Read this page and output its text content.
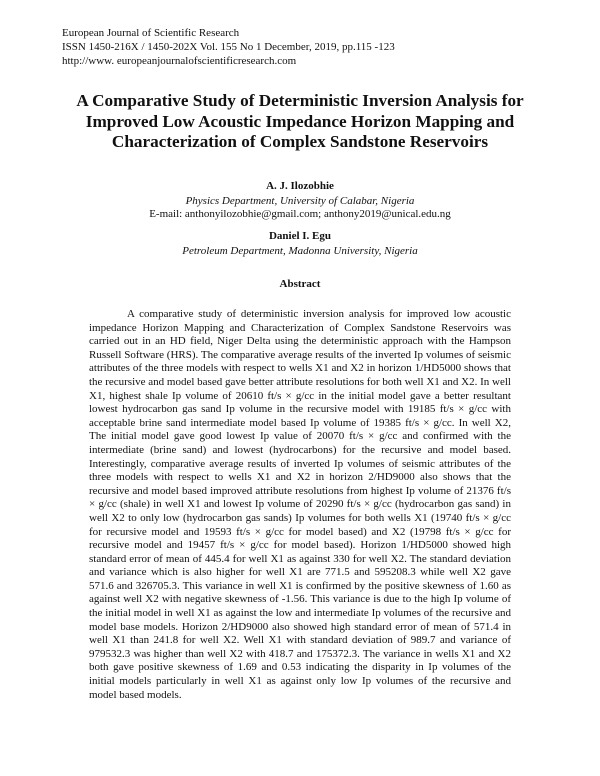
European Journal of Scientific Research
ISSN 1450-216X / 1450-202X Vol. 155 No 1 December, 2019, pp.115 -123
http://www. europeanjournalofscientificresearch.com
A Comparative Study of Deterministic Inversion Analysis for Improved Low Acoustic Impedance Horizon Mapping and Characterization of Complex Sandstone Reservoirs
A. J. Ilozobhie
Physics Department, University of Calabar, Nigeria
E-mail: anthonyilozobhie@gmail.com; anthony2019@unical.edu.ng
Daniel I. Egu
Petroleum Department, Madonna University, Nigeria
Abstract

A comparative study of deterministic inversion analysis for improved low acoustic impedance Horizon Mapping and Characterization of Complex Sandstone Reservoirs was carried out in an HD field, Niger Delta using the deterministic approach with the Hampson Russell Software (HRS). The comparative average results of the inverted Ip volumes of seismic attributes of the three models with respect to wells X1 and X2 in horizon 1/HD5000 shows that the recursive and model based gave better attribute resolutions for both well X1 and X2. In well X1, highest shale Ip volume of 20610 ft/s × g/cc in the initial model gave a better resultant lowest hydrocarbon gas sand Ip volume in the recursive model with 19185 ft/s × g/cc with acceptable brine sand intermediate model based Ip volume of 19385 ft/s × g/cc. In well X2, The initial model gave good lowest Ip value of 20070 ft/s × g/cc and confirmed with the intermediate (brine sand) and lowest (hydrocarbons) for the recursive and model based. Interestingly, comparative average results of inverted Ip volumes of seismic attributes of the three models with respect to wells X1 and X2 in horizon 2/HD9000 also shows that the recursive and model based improved attribute resolutions from highest Ip volume of 21376 ft/s × g/cc (shale) in well X1 and lowest Ip volume of 20290 ft/s × g/cc (hydrocarbon gas sand) in well X2 to only low (hydrocarbon gas sands) Ip volumes for both wells X1 (19740 ft/s × g/cc for recursive model and 19593 ft/s × g/cc for model based) and X2 (19798 ft/s × g/cc for recursive model and 19457 ft/s × g/cc for model based). Horizon 1/HD5000 showed high standard error of mean of 445.4 for well X1 as against 330 for well X2. The standard deviation and variance which is also higher for well X1 are 771.5 and 595208.3 while well X2 gave 571.6 and 326705.3. This variance in well X1 is confirmed by the positive skewness of 1.60 as against well X2 with negative skewness of -1.56. This variance is due to the high Ip volume of the initial model in well X1 as against the low and intermediate Ip volumes of the recursive and model base models. Horizon 2/HD9000 also showed high standard error of mean of 571.4 in well X1 than 241.8 for well X2. Well X1 with standard deviation of 989.7 and variance of 979532.3 was higher than well X2 with 418.7 and 175372.3. The variance in wells X1 and X2 both gave positive skewness of 1.69 and 0.53 indicating the disparity in Ip volumes of the initial models particularly in well X1 as against only low Ip volumes of the recursive and model based models.
